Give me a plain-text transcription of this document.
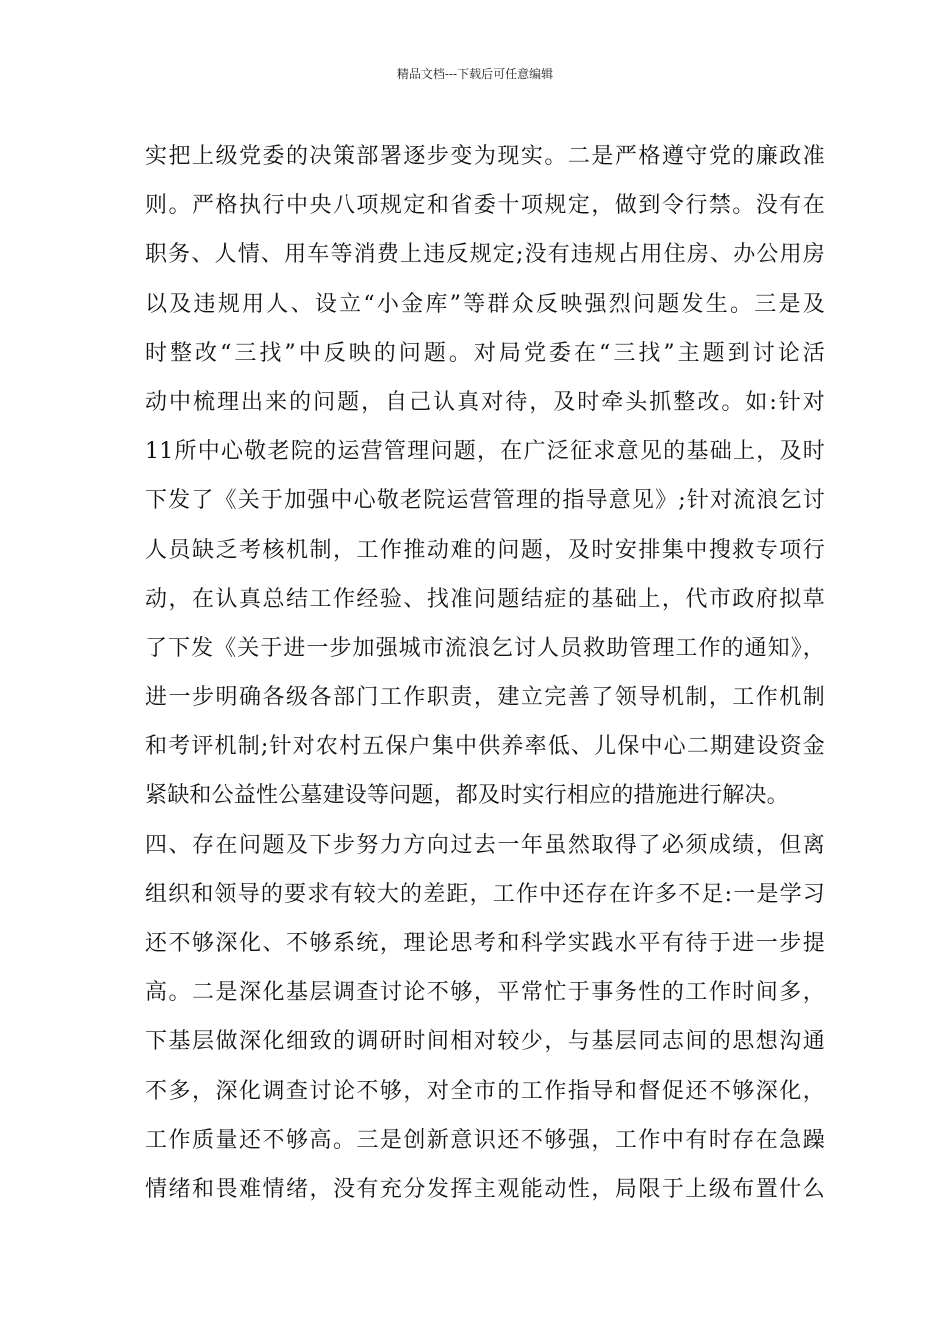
精品文档---下载后可任意编辑
实把上级党委的决策部署逐步变为现实。二是严格遵守党的廉政准
则。严格执行中央八项规定和省委十项规定，做到令行禁。没有在
职务、人情、用车等消费上违反规定;没有违规占用住房、办公用房
以及违规用人、设立“小金库”等群众反映强烈问题发生。三是及
时整改“三找”中反映的问题。对局党委在“三找”主题到讨论活
动中梳理出来的问题，自己认真对待，及时牵头抓整改。如:针对
11所中心敬老院的运营管理问题，在广泛征求意见的基础上，及时
下发了《关于加强中心敬老院运营管理的指导意见》;针对流浪乞讨
人员缺乏考核机制，工作推动难的问题，及时安排集中搜救专项行
动，在认真总结工作经验、找准问题结症的基础上，代市政府拟草
了下发《关于进一步加强城市流浪乞讨人员救助管理工作的通知》，
进一步明确各级各部门工作职责，建立完善了领导机制，工作机制
和考评机制;针对农村五保户集中供养率低、儿保中心二期建设资金
紧缺和公益性公墓建设等问题，都及时实行相应的措施进行解决。
四、存在问题及下步努力方向过去一年虽然取得了必须成绩，但离
组织和领导的要求有较大的差距，工作中还存在许多不足:一是学习
还不够深化、不够系统，理论思考和科学实践水平有待于进一步提
高。二是深化基层调查讨论不够，平常忙于事务性的工作时间多，
下基层做深化细致的调研时间相对较少，与基层同志间的思想沟通
不多，深化调查讨论不够，对全市的工作指导和督促还不够深化，
工作质量还不够高。三是创新意识还不够强，工作中有时存在急躁
情绪和畏难情绪，没有充分发挥主观能动性，局限于上级布置什么
